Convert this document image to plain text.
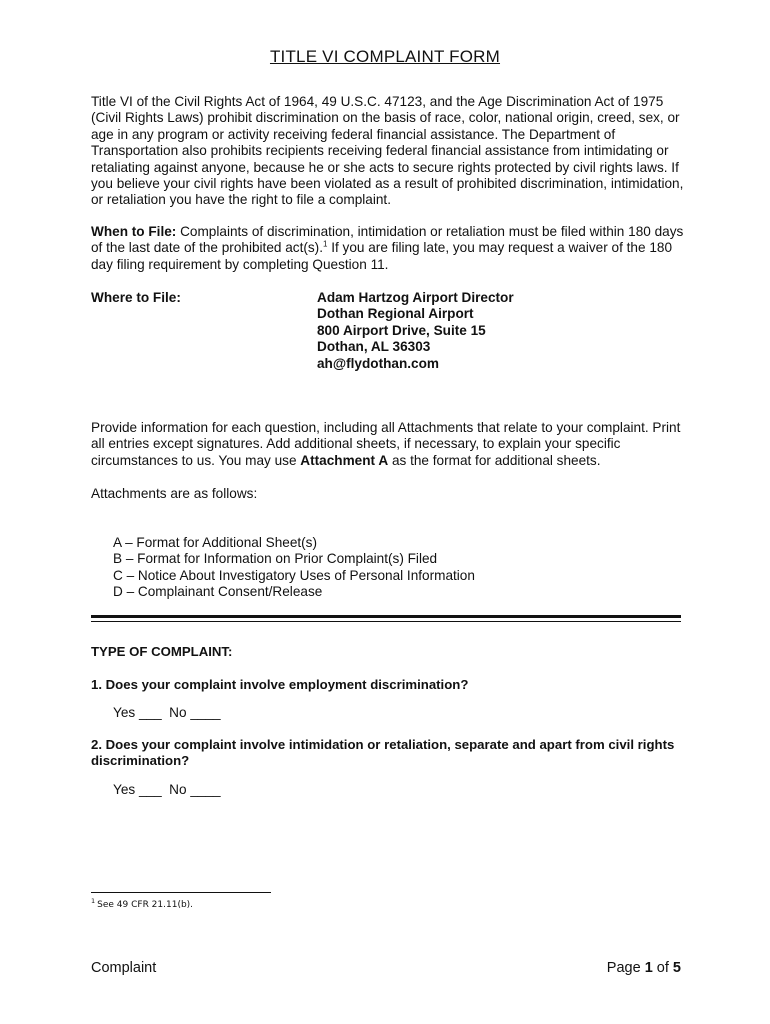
TITLE VI COMPLAINT FORM
Title VI of the Civil Rights Act of 1964, 49 U.S.C. 47123, and the Age Discrimination Act of 1975 (Civil Rights Laws) prohibit discrimination on the basis of race, color, national origin, creed, sex, or age in any program or activity receiving federal financial assistance. The Department of Transportation also prohibits recipients receiving federal financial assistance from intimidating or retaliating against anyone, because he or she acts to secure rights protected by civil rights laws. If you believe your civil rights have been violated as a result of prohibited discrimination, intimidation, or retaliation you have the right to file a complaint.
When to File: Complaints of discrimination, intimidation or retaliation must be filed within 180 days of the last date of the prohibited act(s).$^1$ If you are filing late, you may request a waiver of the 180 day filing requirement by completing Question 11.
Where to File:	Adam Hartzog Airport Director
Dothan Regional Airport
800 Airport Drive, Suite 15
Dothan, AL 36303
ah@flydothan.com
Provide information for each question, including all Attachments that relate to your complaint. Print all entries except signatures. Add additional sheets, if necessary, to explain your specific circumstances to us. You may use Attachment A as the format for additional sheets.
Attachments are as follows:
A – Format for Additional Sheet(s)
B – Format for Information on Prior Complaint(s) Filed
C – Notice About Investigatory Uses of Personal Information
D – Complainant Consent/Release
TYPE OF COMPLAINT:
1. Does your complaint involve employment discrimination?
Yes ___  No ____
2. Does your complaint involve intimidation or retaliation, separate and apart from civil rights discrimination?
Yes ___  No ____
$^1$ See 49 CFR 21.11(b).
Complaint	Page 1 of 5
